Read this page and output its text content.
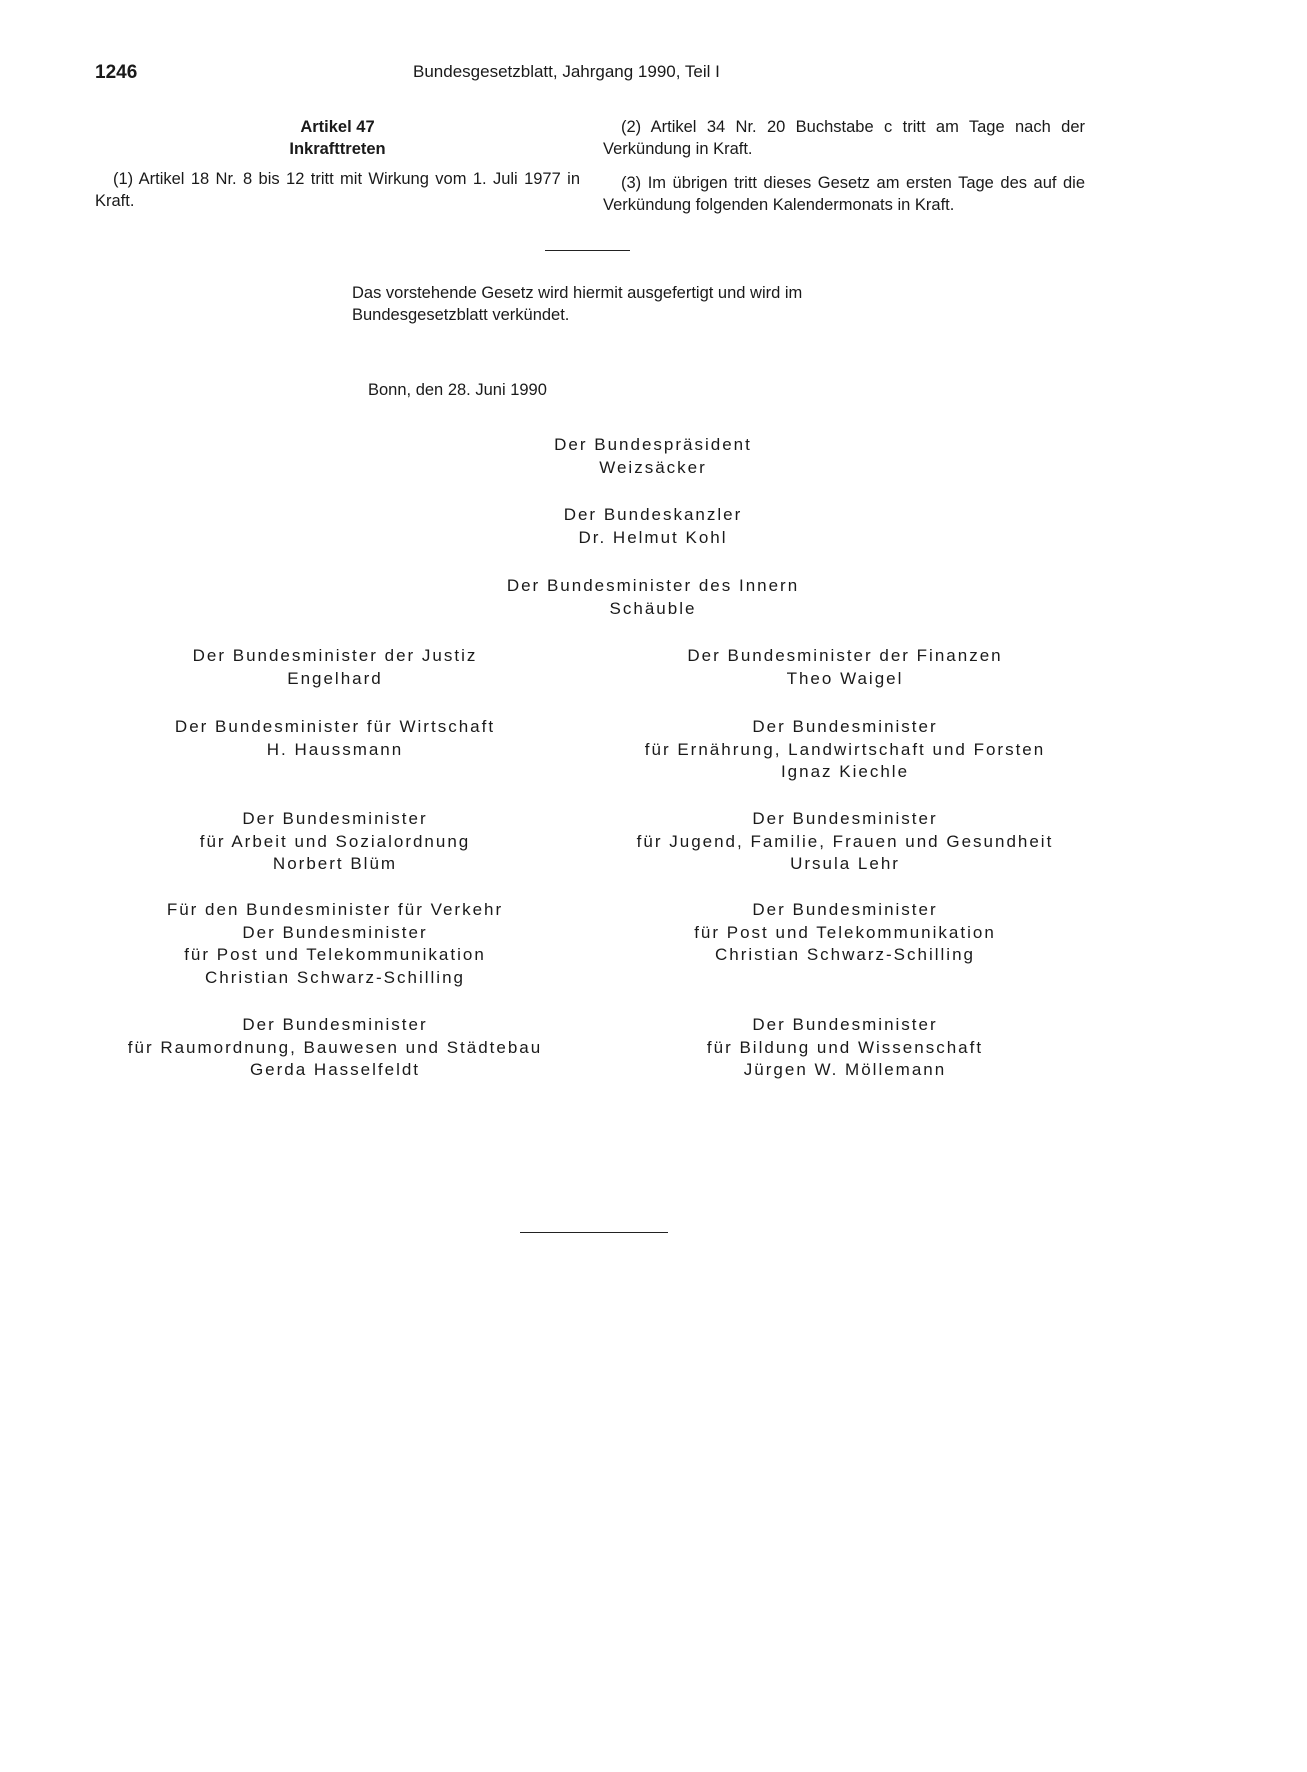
1246	Bundesgesetzblatt, Jahrgang 1990, Teil I
Artikel 47
Inkrafttreten
(1) Artikel 18 Nr. 8 bis 12 tritt mit Wirkung vom 1. Juli 1977 in Kraft.
(2) Artikel 34 Nr. 20 Buchstabe c tritt am Tage nach der Verkündung in Kraft.
(3) Im übrigen tritt dieses Gesetz am ersten Tage des auf die Verkündung folgenden Kalendermonats in Kraft.
Das vorstehende Gesetz wird hiermit ausgefertigt und wird im Bundesgesetzblatt verkündet.
Bonn, den 28. Juni 1990
Der Bundespräsident
Weizsäcker
Der Bundeskanzler
Dr. Helmut Kohl
Der Bundesminister des Innern
Schäuble
Der Bundesminister der Justiz
Engelhard
Der Bundesminister für Wirtschaft
H. Haussmann
Der Bundesminister
für Arbeit und Sozialordnung
Norbert Blüm
Für den Bundesminister für Verkehr
Der Bundesminister
für Post und Telekommunikation
Christian Schwarz-Schilling
Der Bundesminister
für Raumordnung, Bauwesen und Städtebau
Gerda Hasselfeldt
Der Bundesminister der Finanzen
Theo Waigel
Der Bundesminister
für Ernährung, Landwirtschaft und Forsten
Ignaz Kiechle
Der Bundesminister
für Jugend, Familie, Frauen und Gesundheit
Ursula Lehr
Der Bundesminister
für Post und Telekommunikation
Christian Schwarz-Schilling
Der Bundesminister
für Bildung und Wissenschaft
Jürgen W. Möllemann
